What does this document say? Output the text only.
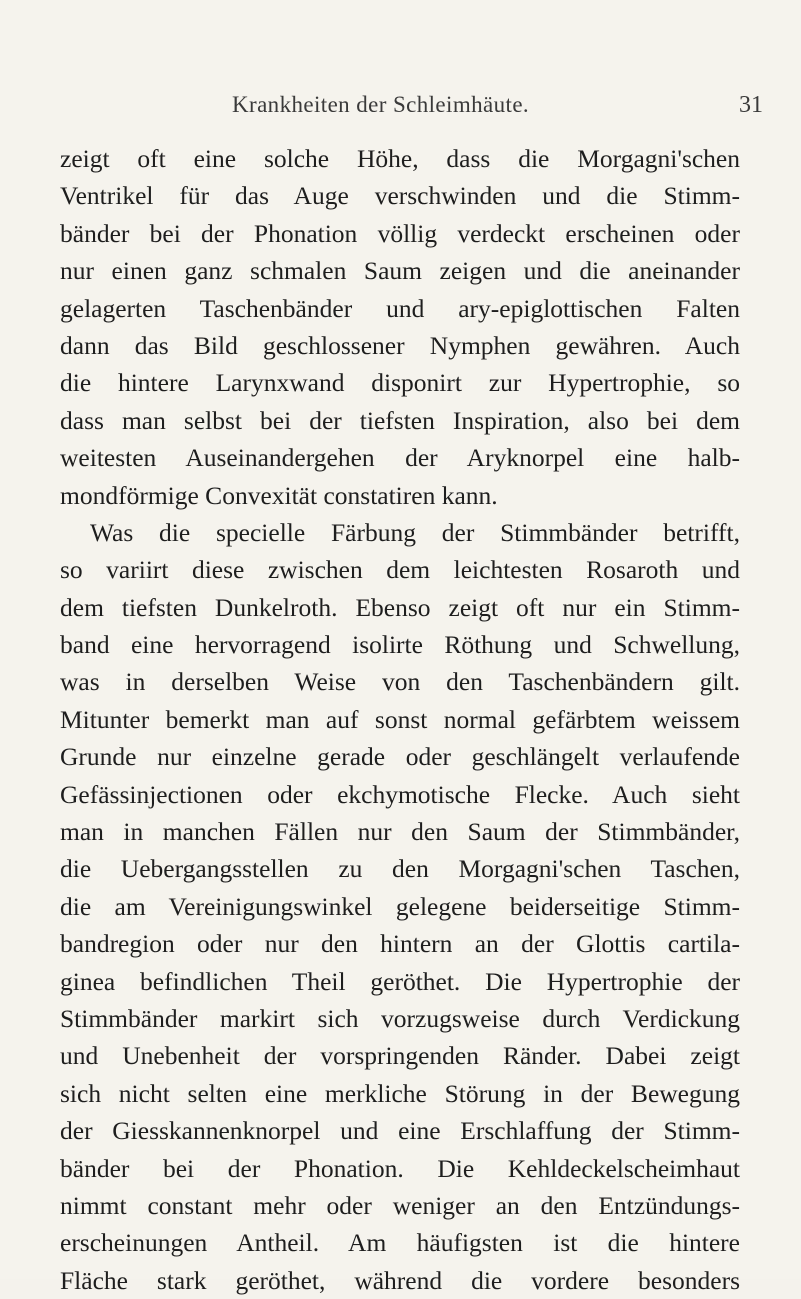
Krankheiten der Schleimhäute.	31
zeigt oft eine solche Höhe, dass die Morgagni'schen
Ventrikel für das Auge verschwinden und die Stimm-
bänder bei der Phonation völlig verdeckt erscheinen oder
nur einen ganz schmalen Saum zeigen und die aneinander
gelagerten Taschenbänder und ary-epiglottischen Falten
dann das Bild geschlossener Nymphen gewähren. Auch
die hintere Larynxwand disponirt zur Hypertrophie, so
dass man selbst bei der tiefsten Inspiration, also bei dem
weitesten Auseinandergehen der Aryknorpel eine halb-
mondförmige Convexität constatiren kann.
Was die specielle Färbung der Stimmbänder betrifft,
so variirt diese zwischen dem leichtesten Rosaroth und
dem tiefsten Dunkelroth. Ebenso zeigt oft nur ein Stimm-
band eine hervorragend isolirte Röthung und Schwellung,
was in derselben Weise von den Taschenbändern gilt.
Mitunter bemerkt man auf sonst normal gefärbtem weissem
Grunde nur einzelne gerade oder geschlängelt verlaufende
Gefässinjectionen oder ekchymotische Flecke. Auch sieht
man in manchen Fällen nur den Saum der Stimmbänder,
die Uebergangsstellen zu den Morgagni'schen Taschen,
die am Vereinigungswinkel gelegene beiderseitige Stimm-
bandregion oder nur den hintern an der Glottis cartila-
ginea befindlichen Theil geröthet. Die Hypertrophie der
Stimmbänder markirt sich vorzugsweise durch Verdickung
und Unebenheit der vorspringenden Ränder. Dabei zeigt
sich nicht selten eine merkliche Störung in der Bewegung
der Giesskannenknorpel und eine Erschlaffung der Stimm-
bänder bei der Phonation. Die Kehldeckelscheimhaut
nimmt constant mehr oder weniger an den Entzündungs-
erscheinungen Antheil. Am häufigsten ist die hintere
Fläche stark geröthet, während die vordere besonders
